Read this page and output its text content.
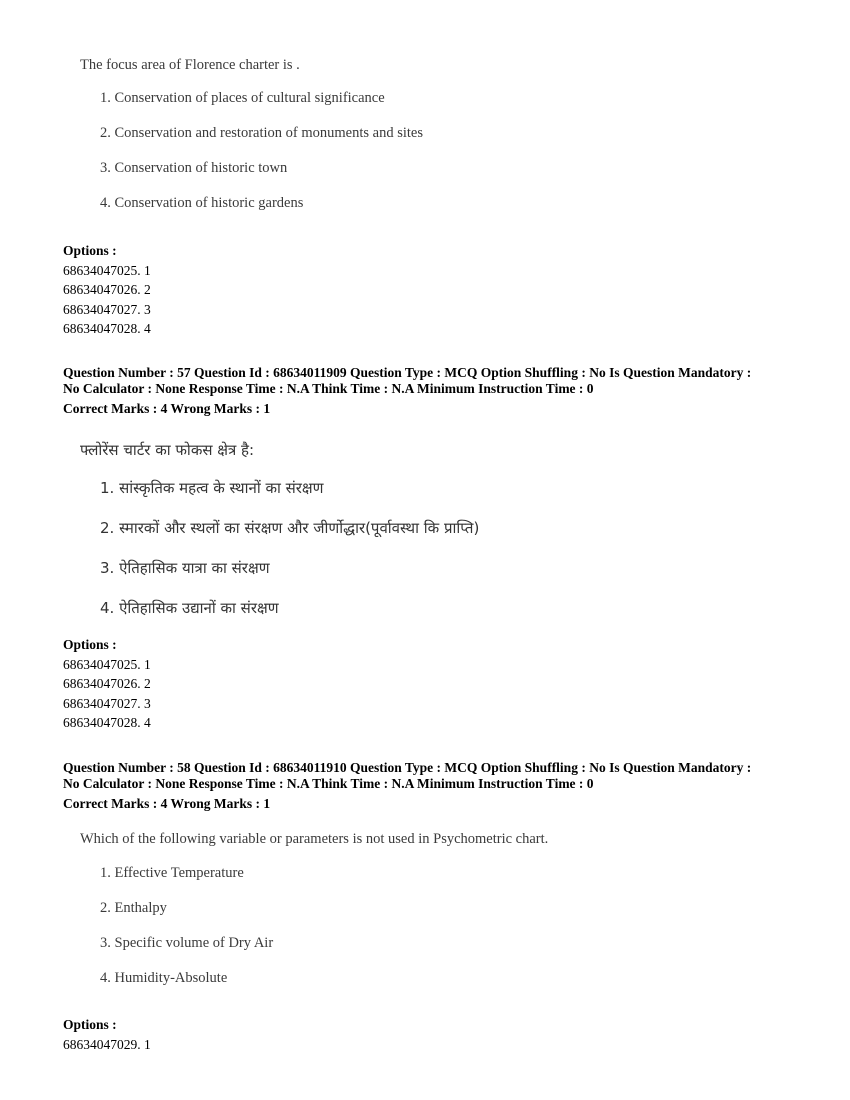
The focus area of Florence charter is .
1. Conservation of places of cultural significance
2. Conservation and restoration of monuments and sites
3. Conservation of historic town
4. Conservation of historic gardens
Options :
68634047025. 1
68634047026. 2
68634047027. 3
68634047028. 4
Question Number : 57 Question Id : 68634011909 Question Type : MCQ Option Shuffling : No Is Question Mandatory :
No Calculator : None Response Time : N.A Think Time : N.A Minimum Instruction Time : 0
Correct Marks : 4 Wrong Marks : 1
फ्लोरेंस चार्टर का फोकस क्षेत्र है:
1. सांस्कृतिक महत्व के स्थानों का संरक्षण
2. स्मारकों और स्थलों का संरक्षण और जीर्णोद्धार(पूर्वावस्था कि प्राप्ति)
3. ऐतिहासिक यात्रा का संरक्षण
4. ऐतिहासिक उद्यानों का संरक्षण
Options :
68634047025. 1
68634047026. 2
68634047027. 3
68634047028. 4
Question Number : 58 Question Id : 68634011910 Question Type : MCQ Option Shuffling : No Is Question Mandatory :
No Calculator : None Response Time : N.A Think Time : N.A Minimum Instruction Time : 0
Correct Marks : 4 Wrong Marks : 1
Which of the following variable or parameters is not used in Psychometric chart.
1. Effective Temperature
2. Enthalpy
3. Specific volume of Dry Air
4. Humidity-Absolute
Options :
68634047029. 1
